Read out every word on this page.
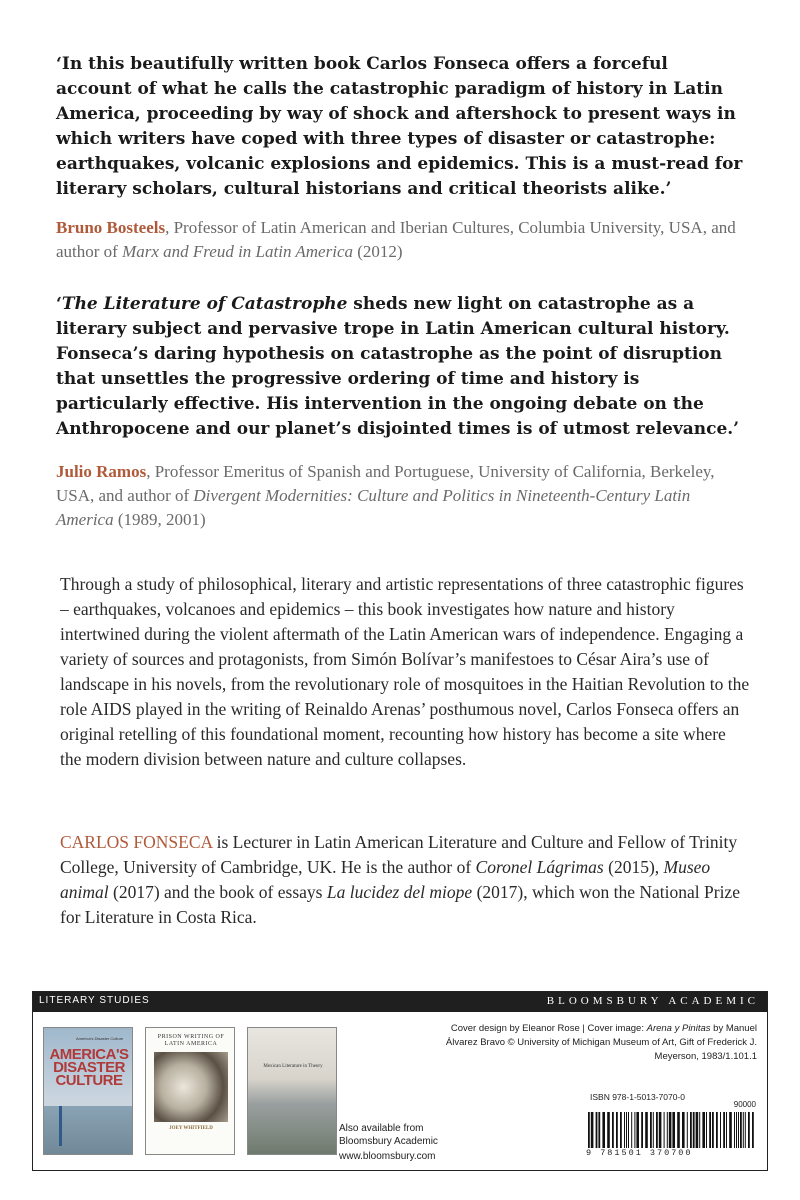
‘In this beautifully written book Carlos Fonseca offers a forceful account of what he calls the catastrophic paradigm of history in Latin America, proceeding by way of shock and aftershock to present ways in which writers have coped with three types of disaster or catastrophe: earthquakes, volcanic explosions and epidemics. This is a must-read for literary scholars, cultural historians and critical theorists alike.’

Bruno Bosteels, Professor of Latin American and Iberian Cultures, Columbia University, USA, and author of Marx and Freud in Latin America (2012)

‘The Literature of Catastrophe sheds new light on catastrophe as a literary subject and pervasive trope in Latin American cultural history. Fonseca’s daring hypothesis on catastrophe as the point of disruption that unsettles the progressive ordering of time and history is particularly effective. His intervention in the ongoing debate on the Anthropocene and our planet’s disjointed times is of utmost relevance.’

Julio Ramos, Professor Emeritus of Spanish and Portuguese, University of California, Berkeley, USA, and author of Divergent Modernities: Culture and Politics in Nineteenth-Century Latin America (1989, 2001)

Through a study of philosophical, literary and artistic representations of three catastrophic figures – earthquakes, volcanoes and epidemics – this book investigates how nature and history intertwined during the violent aftermath of the Latin American wars of independence. Engaging a variety of sources and protagonists, from Simón Bolívar’s manifestoes to César Aira’s use of landscape in his novels, from the revolutionary role of mosquitoes in the Haitian Revolution to the role AIDS played in the writing of Reinaldo Arenas’ posthumous novel, Carlos Fonseca offers an original retelling of this foundational moment, recounting how history has become a site where the modern division between nature and culture collapses.

CARLOS FONSECA is Lecturer in Latin American Literature and Culture and Fellow of Trinity College, University of Cambridge, UK. He is the author of Coronel Lágrimas (2015), Museo animal (2017) and the book of essays La lucidez del miope (2017), which won the National Prize for Literature in Costa Rica.

LITERARY STUDIES	BLOOMSBURY ACADEMIC
America’s Disaster Culture
AMERICA'S DISASTER CULTURE
PRISON WRITING OF LATIN AMERICA
JOEY WHITFIELD
Mexican Literature in Theory
Also available from
Bloomsbury Academic
www.bloomsbury.com
Cover design by Eleanor Rose | Cover image: Arena y Pinitas by Manuel Álvarez Bravo © University of Michigan Museum of Art, Gift of Frederick J. Meyerson, 1983/1.101.1
ISBN 978-1-5013-7070-0
90000
9 781501 370700
